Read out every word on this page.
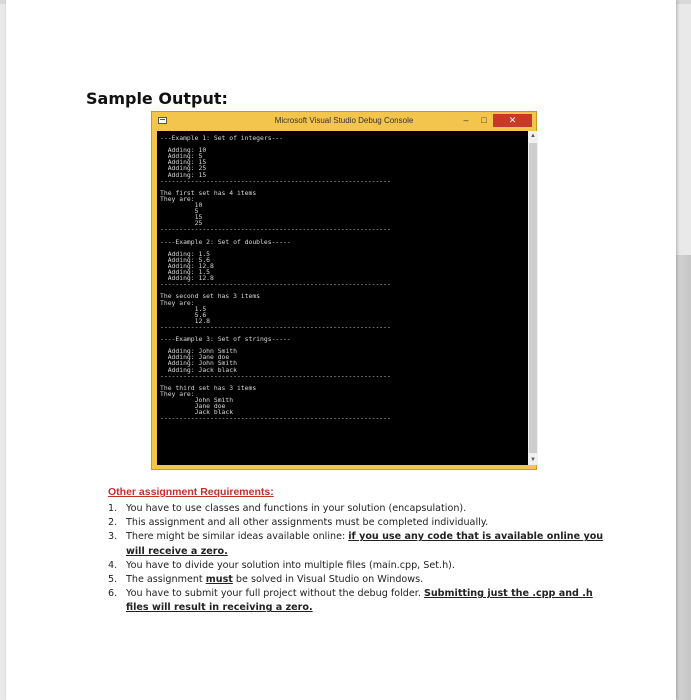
Sample Output:
Microsoft Visual Studio Debug Console	–	□	✕
---Example 1: Set of integers---

Adding: 10
Adding: 5
Adding: 15
Adding: 25
Adding: 15
------------------------------------------------------------

The first set has 4 items
They are:
10
5
15
25
------------------------------------------------------------

----Example 2: Set of doubles-----

Adding: 1.5
Adding: 5.6
Adding: 12.8
Adding: 1.5
Adding: 12.8
------------------------------------------------------------

The second set has 3 items
They are:
1.5
5.6
12.8
------------------------------------------------------------

----Example 3: Set of strings-----

Adding: John Smith
Adding: Jane doe
Adding: John Smith
Adding: Jack black
------------------------------------------------------------

The third set has 3 items
They are:
John Smith
Jane doe
Jack black
------------------------------------------------------------
▲
▼
Other assignment Requirements:
1. You have to use classes and functions in your solution (encapsulation).
2. This assignment and all other assignments must be completed individually.
3. There might be similar ideas available online: if you use any code that is available online you will receive a zero.
4. You have to divide your solution into multiple files (main.cpp, Set.h).
5. The assignment must be solved in Visual Studio on Windows.
6. You have to submit your full project without the debug folder. Submitting just the .cpp and .h files will result in receiving a zero.
